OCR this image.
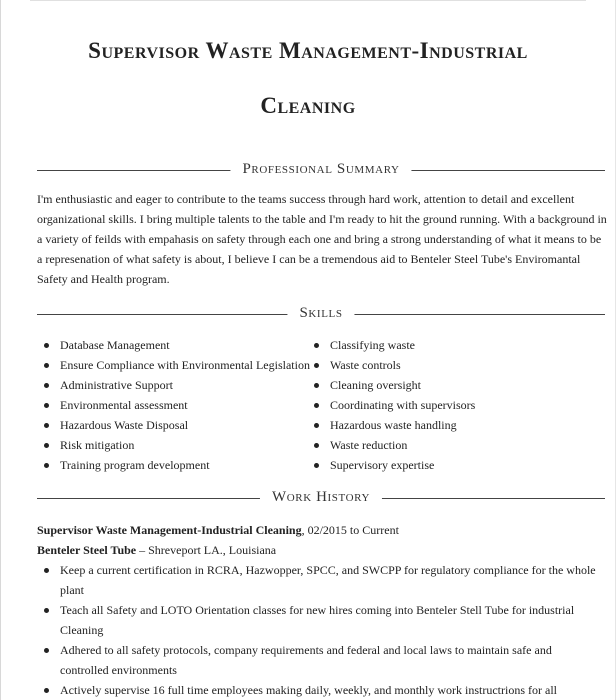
Supervisor Waste Management-Industrial
Cleaning
Professional Summary
I'm enthusiastic and eager to contribute to the teams success through hard work, attention to detail and excellent organizational skills. I bring multiple talents to the table and I'm ready to hit the ground running. With a background in a variety of feilds with empahasis on safety through each one and bring a strong understanding of what it means to be a represenation of what safety is about, I believe I can be a tremendous aid to Benteler Steel Tube's Enviromantal Safety and Health program.
Skills
Database Management
Ensure Compliance with Environmental Legislation
Administrative Support
Environmental assessment
Hazardous Waste Disposal
Risk mitigation
Training program development
Classifying waste
Waste controls
Cleaning oversight
Coordinating with supervisors
Hazardous waste handling
Waste reduction
Supervisory expertise
Work History
Supervisor Waste Management-Industrial Cleaning, 02/2015 to Current
Benteler Steel Tube – Shreveport LA., Louisiana
Keep a current certification in RCRA, Hazwopper, SPCC, and SWCPP for regulatory compliance for the whole plant
Teach all Safety and LOTO Orientation classes for new hires coming into Benteler Stell Tube for industrial Cleaning
Adhered to all safety protocols, company requirements and federal and local laws to maintain safe and controlled environments
Actively supervise 16 full time employees making daily, weekly, and monthly work instructrions for all
